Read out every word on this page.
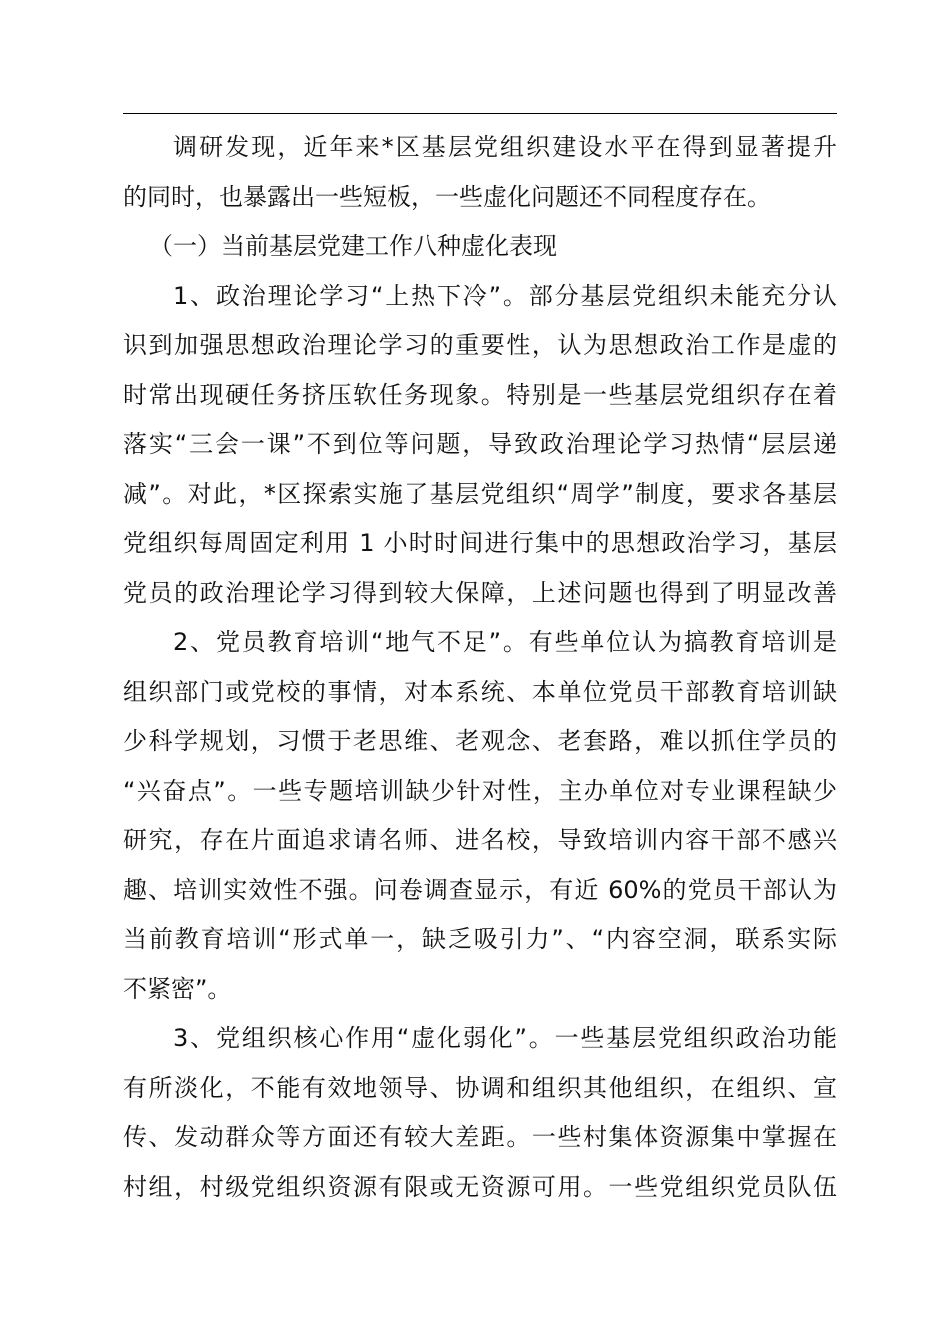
调研发现，近年来*区基层党组织建设水平在得到显著提升
的同时，也暴露出一些短板，一些虚化问题还不同程度存在。
（一）当前基层党建工作八种虚化表现
1、政治理论学习“上热下冷”。部分基层党组织未能充分认
识到加强思想政治理论学习的重要性，认为思想政治工作是虚的
时常出现硬任务挤压软任务现象。特别是一些基层党组织存在着
落实“三会一课”不到位等问题，导致政治理论学习热情“层层递
减”。对此，*区探索实施了基层党组织“周学”制度，要求各基层
党组织每周固定利用 1 小时时间进行集中的思想政治学习，基层
党员的政治理论学习得到较大保障，上述问题也得到了明显改善
2、党员教育培训“地气不足”。有些单位认为搞教育培训是
组织部门或党校的事情，对本系统、本单位党员干部教育培训缺
少科学规划，习惯于老思维、老观念、老套路，难以抓住学员的
“兴奋点”。一些专题培训缺少针对性，主办单位对专业课程缺少
研究，存在片面追求请名师、进名校，导致培训内容干部不感兴
趣、培训实效性不强。问卷调查显示，有近 60%的党员干部认为
当前教育培训“形式单一，缺乏吸引力”、“内容空洞，联系实际
不紧密”。
3、党组织核心作用“虚化弱化”。一些基层党组织政治功能
有所淡化，不能有效地领导、协调和组织其他组织，在组织、宣
传、发动群众等方面还有较大差距。一些村集体资源集中掌握在
村组，村级党组织资源有限或无资源可用。一些党组织党员队伍
